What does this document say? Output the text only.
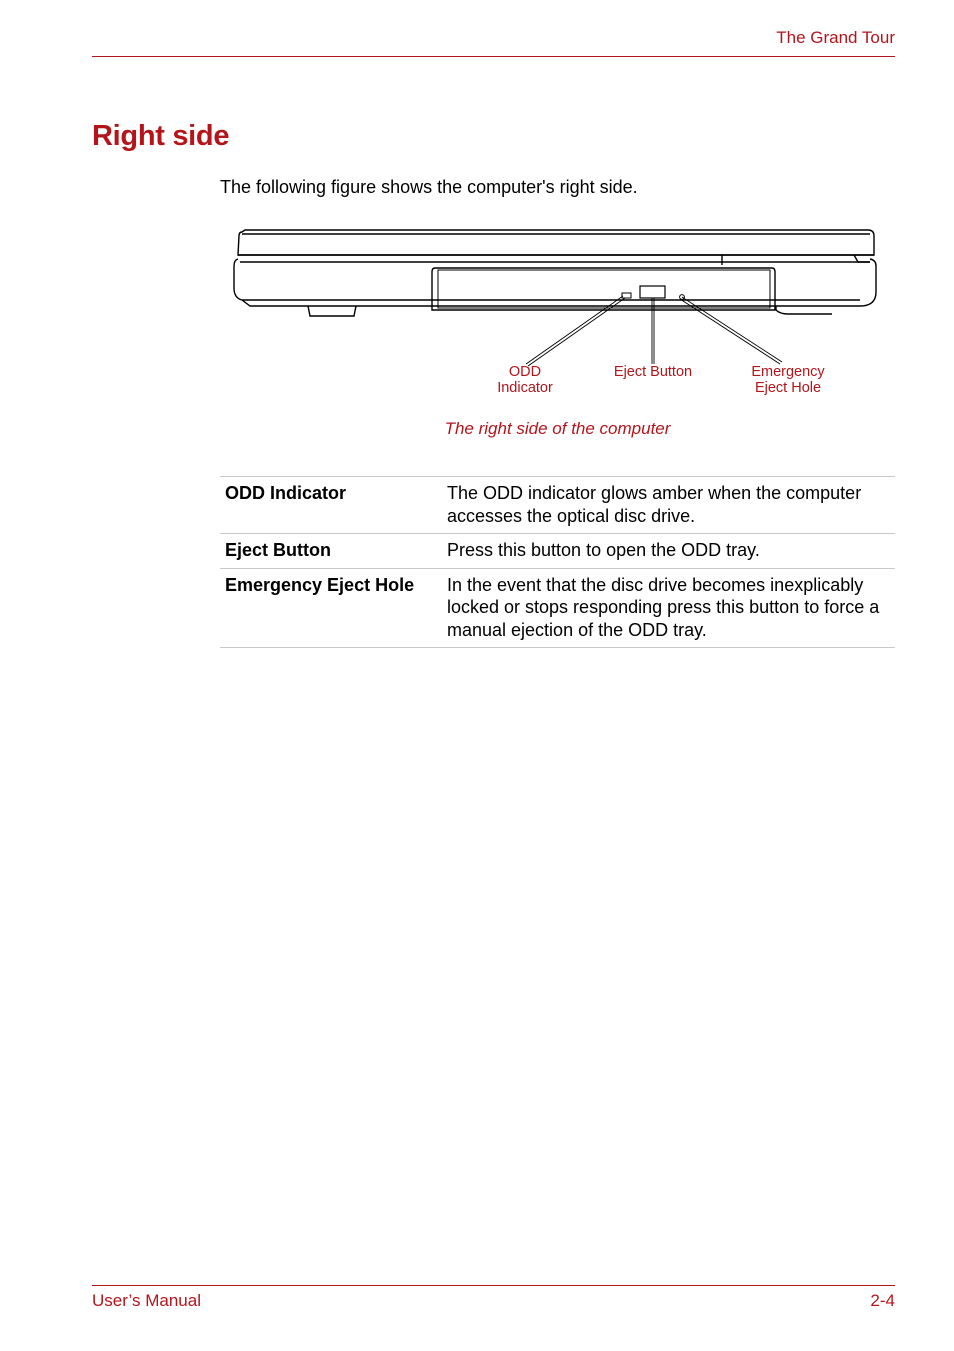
The Grand Tour
Right side

The following figure shows the computer's right side.

ODD
Indicator
Eject Button	Emergency
Eject Hole
The right side of the computer
ODD Indicator	The ODD indicator glows amber when the computer accesses the optical disc drive.
Eject Button	Press this button to open the ODD tray.
Emergency Eject Hole	In the event that the disc drive becomes inexplicably locked or stops responding press this button to force a manual ejection of the ODD tray.
User’s Manual	2-4
